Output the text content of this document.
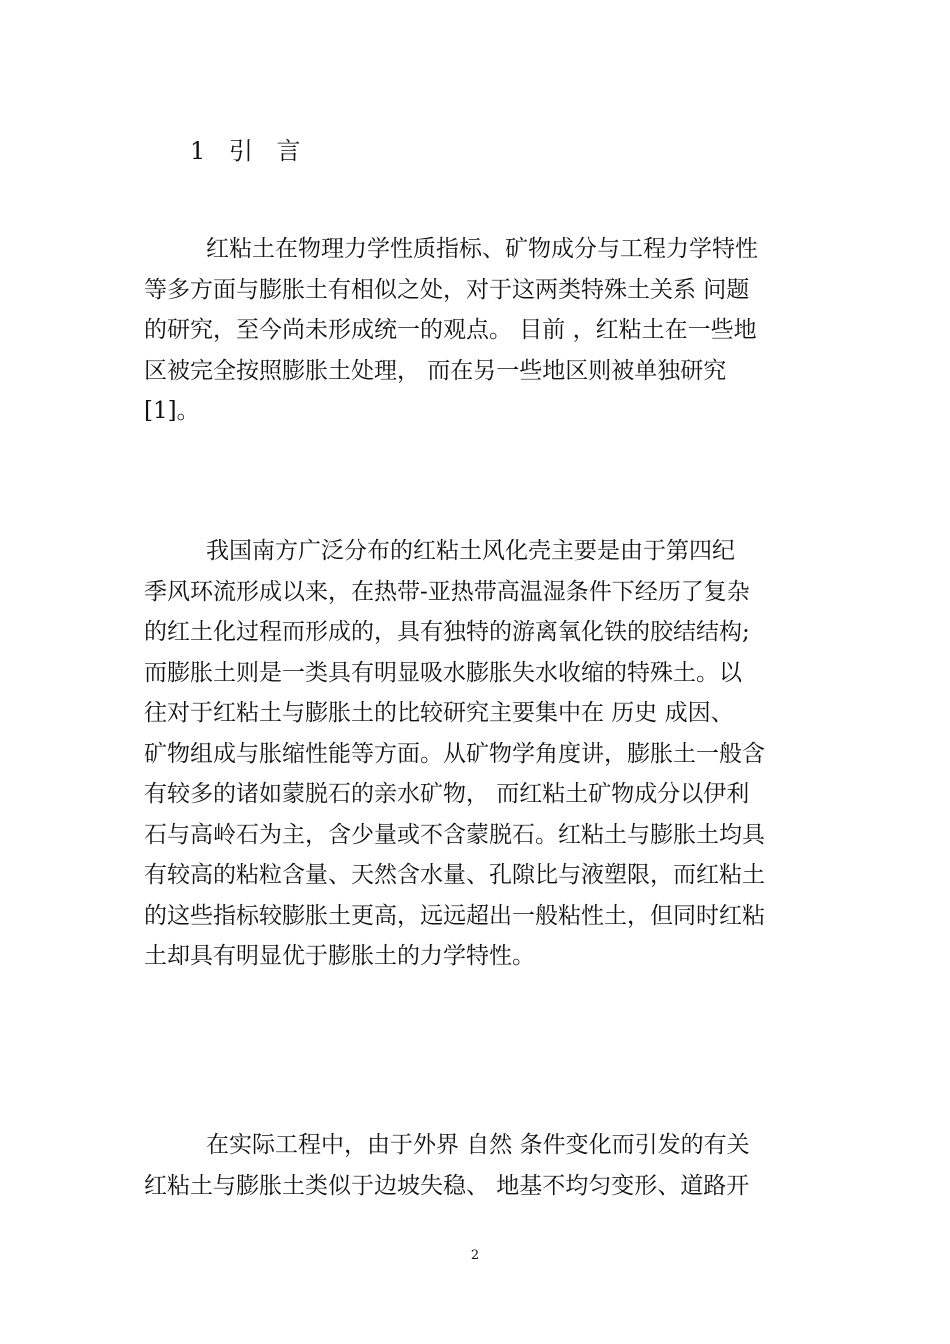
1 引 言
红粘土在物理力学性质指标、矿物成分与工程力学特性
等多方面与膨胀土有相似之处，对于这两类特殊土关系 问题
的研究，至今尚未形成统一的观点。 目前 ，红粘土在一些地
区被完全按照膨胀土处理， 而在另一些地区则被单独研究
[1]。
我国南方广泛分布的红粘土风化壳主要是由于第四纪
季风环流形成以来，在热带-亚热带高温湿条件下经历了复杂
的红土化过程而形成的，具有独特的游离氧化铁的胶结结构;
而膨胀土则是一类具有明显吸水膨胀失水收缩的特殊土。以
往对于红粘土与膨胀土的比较研究主要集中在 历史 成因、
矿物组成与胀缩性能等方面。从矿物学角度讲，膨胀土一般含
有较多的诸如蒙脱石的亲水矿物， 而红粘土矿物成分以伊利
石与高岭石为主，含少量或不含蒙脱石。红粘土与膨胀土均具
有较高的粘粒含量、天然含水量、孔隙比与液塑限，而红粘土
的这些指标较膨胀土更高，远远超出一般粘性土，但同时红粘
土却具有明显优于膨胀土的力学特性。
在实际工程中，由于外界 自然 条件变化而引发的有关
红粘土与膨胀土类似于边坡失稳、 地基不均匀变形、道路开
2
